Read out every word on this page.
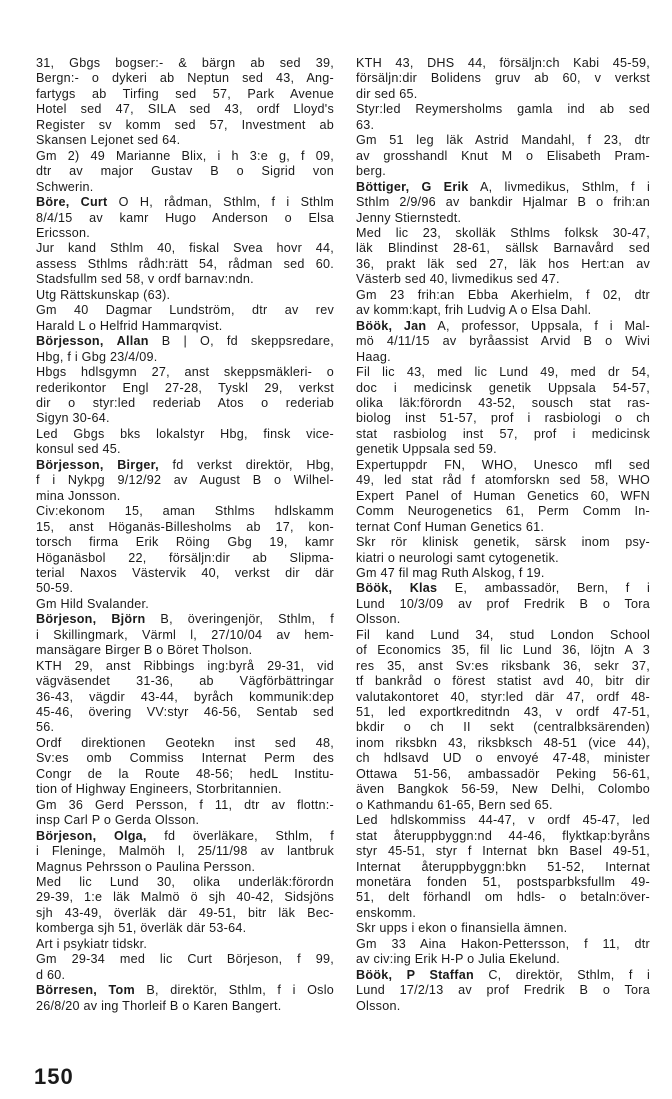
31, Gbgs bogser:- & bärgn ab sed 39,
Bergn:- o dykeri ab Neptun sed 43, Ang-
fartygs ab Tirfing sed 57, Park Avenue
Hotel sed 47, SILA sed 43, ordf Lloyd's
Register sv komm sed 57, Investment ab
Skansen Lejonet sed 64.
Gm 2) 49 Marianne Blix, i h 3:e g, f 09,
dtr av major Gustav B o Sigrid von
Schwerin.
Böre, Curt O H, rådman, Sthlm, f i Sthlm
8/4/15 av kamr Hugo Anderson o Elsa
Ericsson.
Jur kand Sthlm 40, fiskal Svea hovr 44,
assess Sthlms rådh:rätt 54, rådman sed 60.
Stadsfullm sed 58, v ordf barnav:ndn.
Utg Rättskunskap (63).
Gm 40 Dagmar Lundström, dtr av rev
Harald L o Helfrid Hammarqvist.
Börjesson, Allan B | O, fd skeppsredare,
Hbg, f i Gbg 23/4/09.
Hbgs hdlsgymn 27, anst skeppsmäkleri- o
rederikontor Engl 27-28, Tyskl 29, verkst
dir o styr:led rederiab Atos o rederiab
Sigyn 30-64.
Led Gbgs bks lokalstyr Hbg, finsk vice-
konsul sed 45.
Börjesson, Birger, fd verkst direktör, Hbg,
f i Nykpg 9/12/92 av August B o Wilhel-
mina Jonsson.
Civ:ekonom 15, aman Sthlms hdlskamm
15, anst Höganäs-Billesholms ab 17, kon-
torsch firma Erik Röing Gbg 19, kamr
Höganäsbol 22, försäljn:dir ab Slipma-
terial Naxos Västervik 40, verkst dir där
50-59.
Gm Hild Svalander.
Börjeson, Björn B, överingenjör, Sthlm, f
i Skillingmark, Värml l, 27/10/04 av hem-
mansägare Birger B o Böret Tholson.
KTH 29, anst Ribbings ing:byrå 29-31, vid
vägväsendet 31-36, ab Vägförbättringar
36-43, vägdir 43-44, byråch kommunik:dep
45-46, övering VV:styr 46-56, Sentab sed
56.
Ordf direktionen Geotekn inst sed 48,
Sv:es omb Commiss Internat Perm des
Congr de la Route 48-56; hedL Institu-
tion of Highway Engineers, Storbritannien.
Gm 36 Gerd Persson, f 11, dtr av flottn:-
insp Carl P o Gerda Olsson.
Börjeson, Olga, fd överläkare, Sthlm, f
i Fleninge, Malmöh l, 25/11/98 av lantbruk
Magnus Pehrsson o Paulina Persson.
Med lic Lund 30, olika underläk:förordn
29-39, 1:e läk Malmö ö sjh 40-42, Sidsjöns
sjh 43-49, överläk där 49-51, bitr läk Bec-
komberga sjh 51, överläk där 53-64.
Art i psykiatr tidskr.
Gm 29-34 med lic Curt Börjeson, f 99,
d 60.
Börresen, Tom B, direktör, Sthlm, f i Oslo
26/8/20 av ing Thorleif B o Karen Bangert.
KTH 43, DHS 44, försäljn:ch Kabi 45-59,
försäljn:dir Bolidens gruv ab 60, v verkst
dir sed 65.
Styr:led Reymersholms gamla ind ab sed
63.
Gm 51 leg läk Astrid Mandahl, f 23, dtr
av grosshandl Knut M o Elisabeth Pram-
berg.
Böttiger, G Erik A, livmedikus, Sthlm, f i
Sthlm 2/9/96 av bankdir Hjalmar B o frih:an
Jenny Stiernstedt.
Med lic 23, skolläk Sthlms folksk 30-47,
läk Blindinst 28-61, sällsk Barnavård sed
36, prakt läk sed 27, läk hos Hert:an av
Västerb sed 40, livmedikus sed 47.
Gm 23 frih:an Ebba Akerhielm, f 02, dtr
av komm:kapt, frih Ludvig A o Elsa Dahl.
Böök, Jan A, professor, Uppsala, f i Mal-
mö 4/11/15 av byråassist Arvid B o Wivi
Haag.
Fil lic 43, med lic Lund 49, med dr 54,
doc i medicinsk genetik Uppsala 54-57,
olika läk:förordn 43-52, sousch stat ras-
biolog inst 51-57, prof i rasbiologi o ch
stat rasbiolog inst 57, prof i medicinsk
genetik Uppsala sed 59.
Expertuppdr FN, WHO, Unesco mfl sed
49, led stat råd f atomforskn sed 58, WHO
Expert Panel of Human Genetics 60, WFN
Comm Neurogenetics 61, Perm Comm In-
ternat Conf Human Genetics 61.
Skr rör klinisk genetik, särsk inom psy-
kiatri o neurologi samt cytogenetik.
Gm 47 fil mag Ruth Alskog, f 19.
Böök, Klas E, ambassadör, Bern, f i
Lund 10/3/09 av prof Fredrik B o Tora
Olsson.
Fil kand Lund 34, stud London School
of Economics 35, fil lic Lund 36, löjtn A 3
res 35, anst Sv:es riksbank 36, sekr 37,
tf bankråd o förest statist avd 40, bitr dir
valutakontoret 40, styr:led där 47, ordf 48-
51, led exportkreditndn 43, v ordf 47-51,
bkdir o ch II sekt (centralbksärenden)
inom riksbkn 43, riksbksch 48-51 (vice 44),
ch hdlsavd UD o envoyé 47-48, minister
Ottawa 51-56, ambassadör Peking 56-61,
även Bangkok 56-59, New Delhi, Colombo
o Kathmandu 61-65, Bern sed 65.
Led hdlskommiss 44-47, v ordf 45-47, led
stat återuppbyggn:nd 44-46, flyktkap:byråns
styr 45-51, styr f Internat bkn Basel 49-51,
Internat återuppbyggn:bkn 51-52, Internat
monetära fonden 51, postsparbksfullm 49-
51, delt förhandl om hdls- o betaln:över-
enskomm.
Skr upps i ekon o finansiella ämnen.
Gm 33 Aina Hakon-Pettersson, f 11, dtr
av civ:ing Erik H-P o Julia Ekelund.
Böök, P Staffan C, direktör, Sthlm, f i
Lund 17/2/13 av prof Fredrik B o Tora
Olsson.
150
